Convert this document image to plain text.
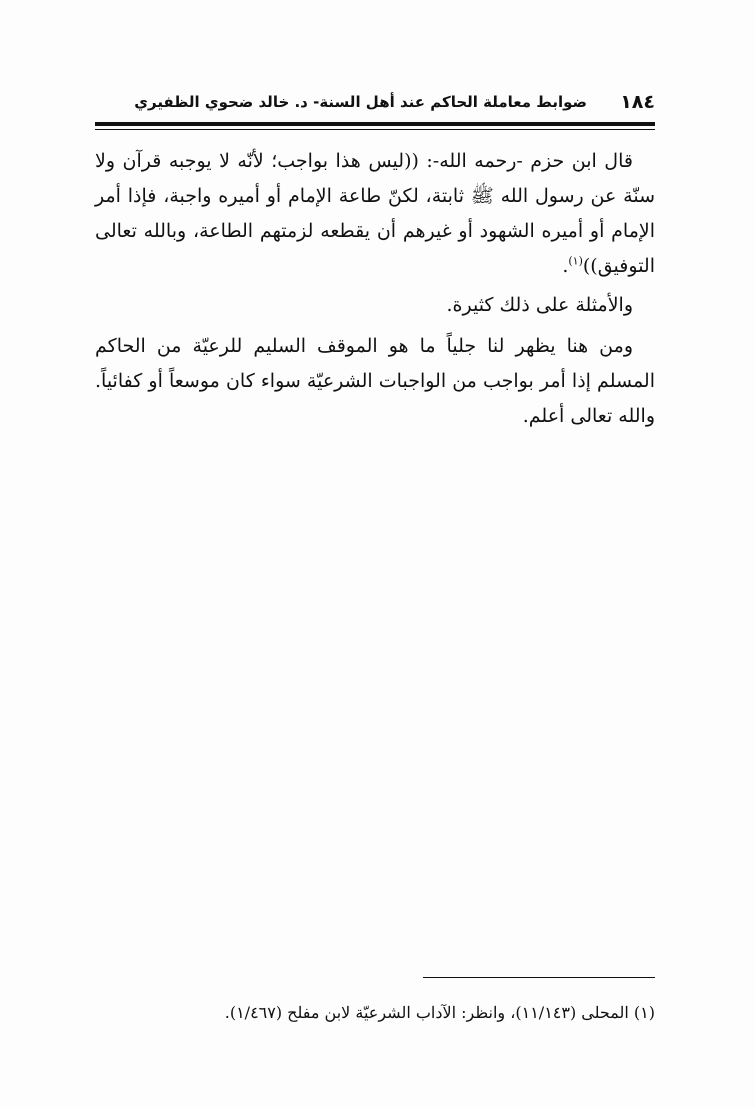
١٨٤
ضوابط معاملة الحاكم عند أهل السنة- د. خالد ضحوي الظفيري

قال ابن حزم -رحمه الله-: ((ليس هذا بواجب؛ لأنّه لا يوجبه قرآن ولا سنّة عن رسول الله ﷺ ثابتة، لكنّ طاعة الإمام أو أميره واجبة، فإذا أمر الإمام أو أميره الشهود أو غيرهم أن يقطعه لزمتهم الطاعة، وبالله تعالى التوفيق))$^{(١)}$.

والأمثلة على ذلك كثيرة.

ومن هنا يظهر لنا جلياً ما هو الموقف السليم للرعيّة من الحاكم المسلم إذا أمر بواجب من الواجبات الشرعيّة سواء كان موسعاً أو كفائياً. والله تعالى أعلم.

(١) المحلى (١١/١٤٣)، وانظر: الآداب الشرعيّة لابن مفلح (١/٤٦٧).
